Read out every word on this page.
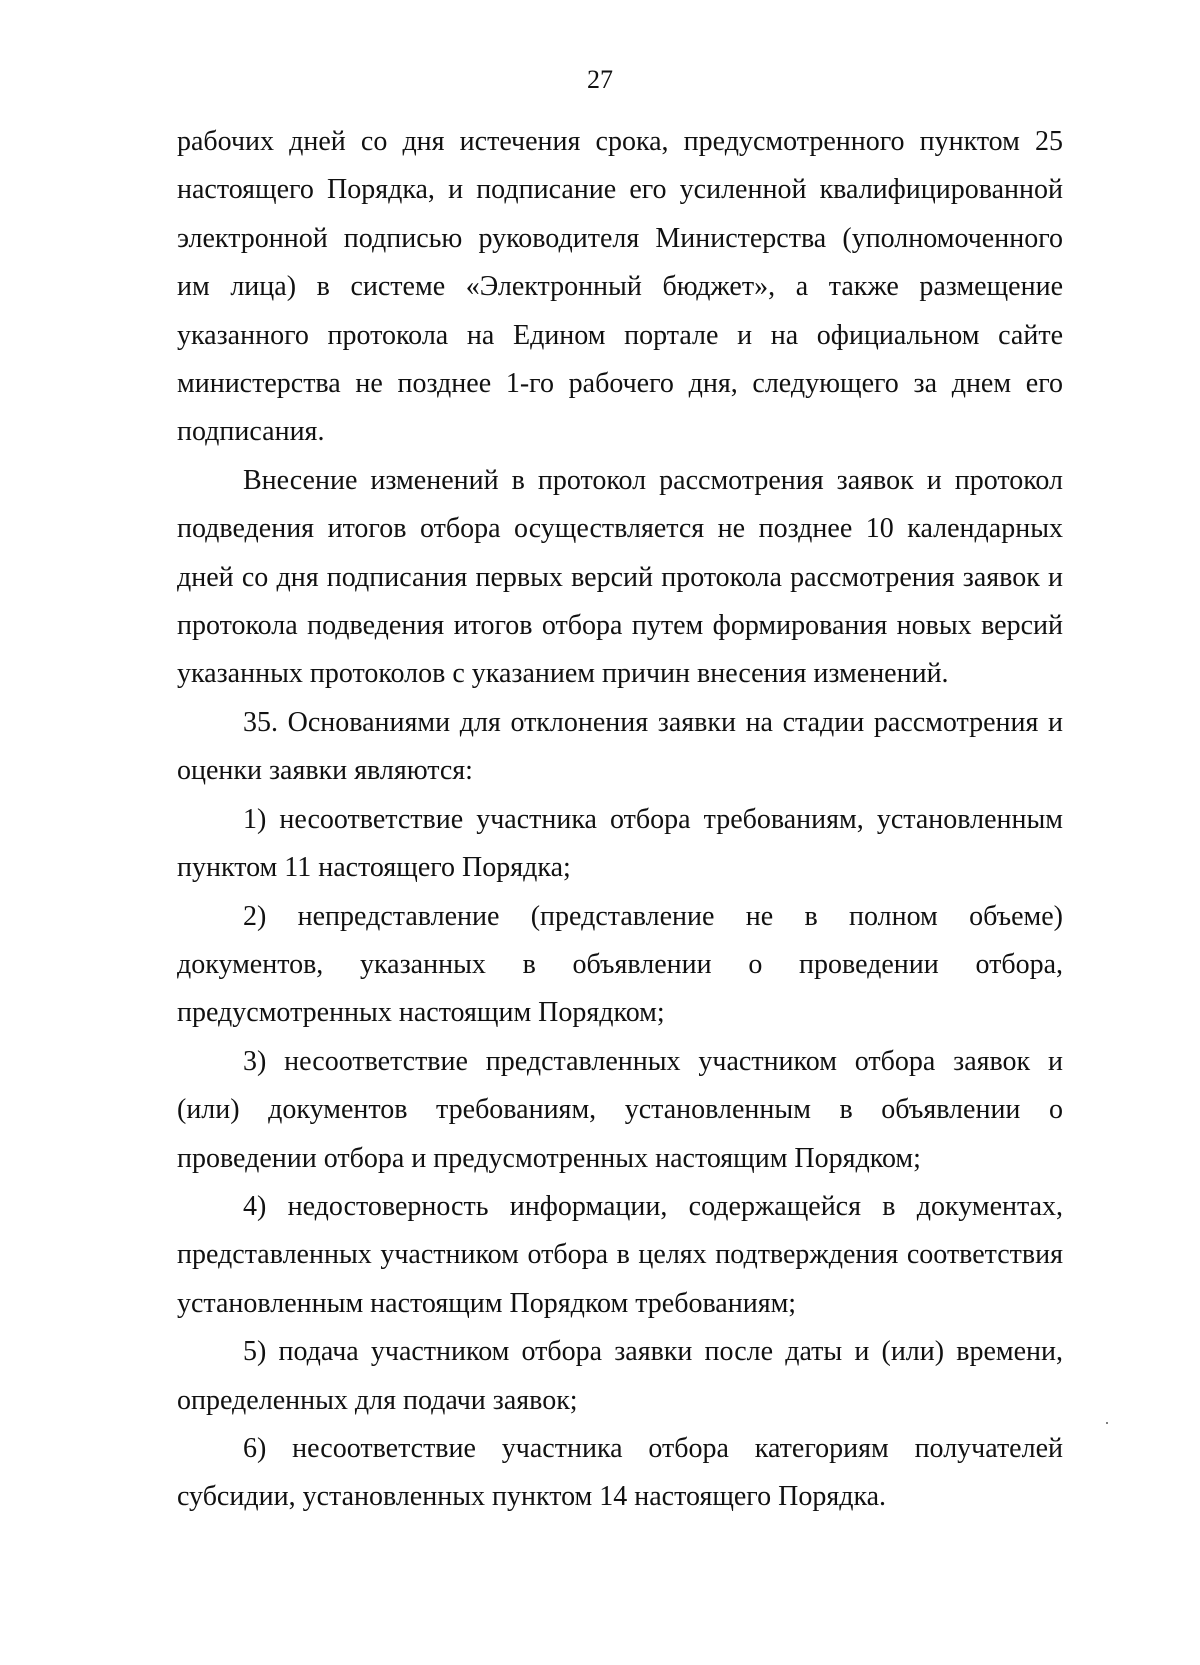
27

рабочих дней со дня истечения срока, предусмотренного пунктом 25 настоящего Порядка, и подписание его усиленной квалифицированной электронной подписью руководителя Министерства (уполномоченного им лица) в системе «Электронный бюджет», а также размещение указанного протокола на Едином портале и на официальном сайте министерства не позднее 1-го рабочего дня, следующего за днем его подписания.

Внесение изменений в протокол рассмотрения заявок и протокол подведения итогов отбора осуществляется не позднее 10 календарных дней со дня подписания первых версий протокола рассмотрения заявок и протокола подведения итогов отбора путем формирования новых версий указанных протоколов с указанием причин внесения изменений.

35. Основаниями для отклонения заявки на стадии рассмотрения и оценки заявки являются:

1) несоответствие участника отбора требованиям, установленным пунктом 11 настоящего Порядка;

2) непредставление (представление не в полном объеме) документов, указанных в объявлении о проведении отбора, предусмотренных настоящим Порядком;

3) несоответствие представленных участником отбора заявок и (или) документов требованиям, установленным в объявлении о проведении отбора и предусмотренных настоящим Порядком;

4) недостоверность информации, содержащейся в документах, представленных участником отбора в целях подтверждения соответствия установленным настоящим Порядком требованиям;

5) подача участником отбора заявки после даты и (или) времени, определенных для подачи заявок;

6) несоответствие участника отбора категориям получателей субсидии, установленных пунктом 14 настоящего Порядка.
